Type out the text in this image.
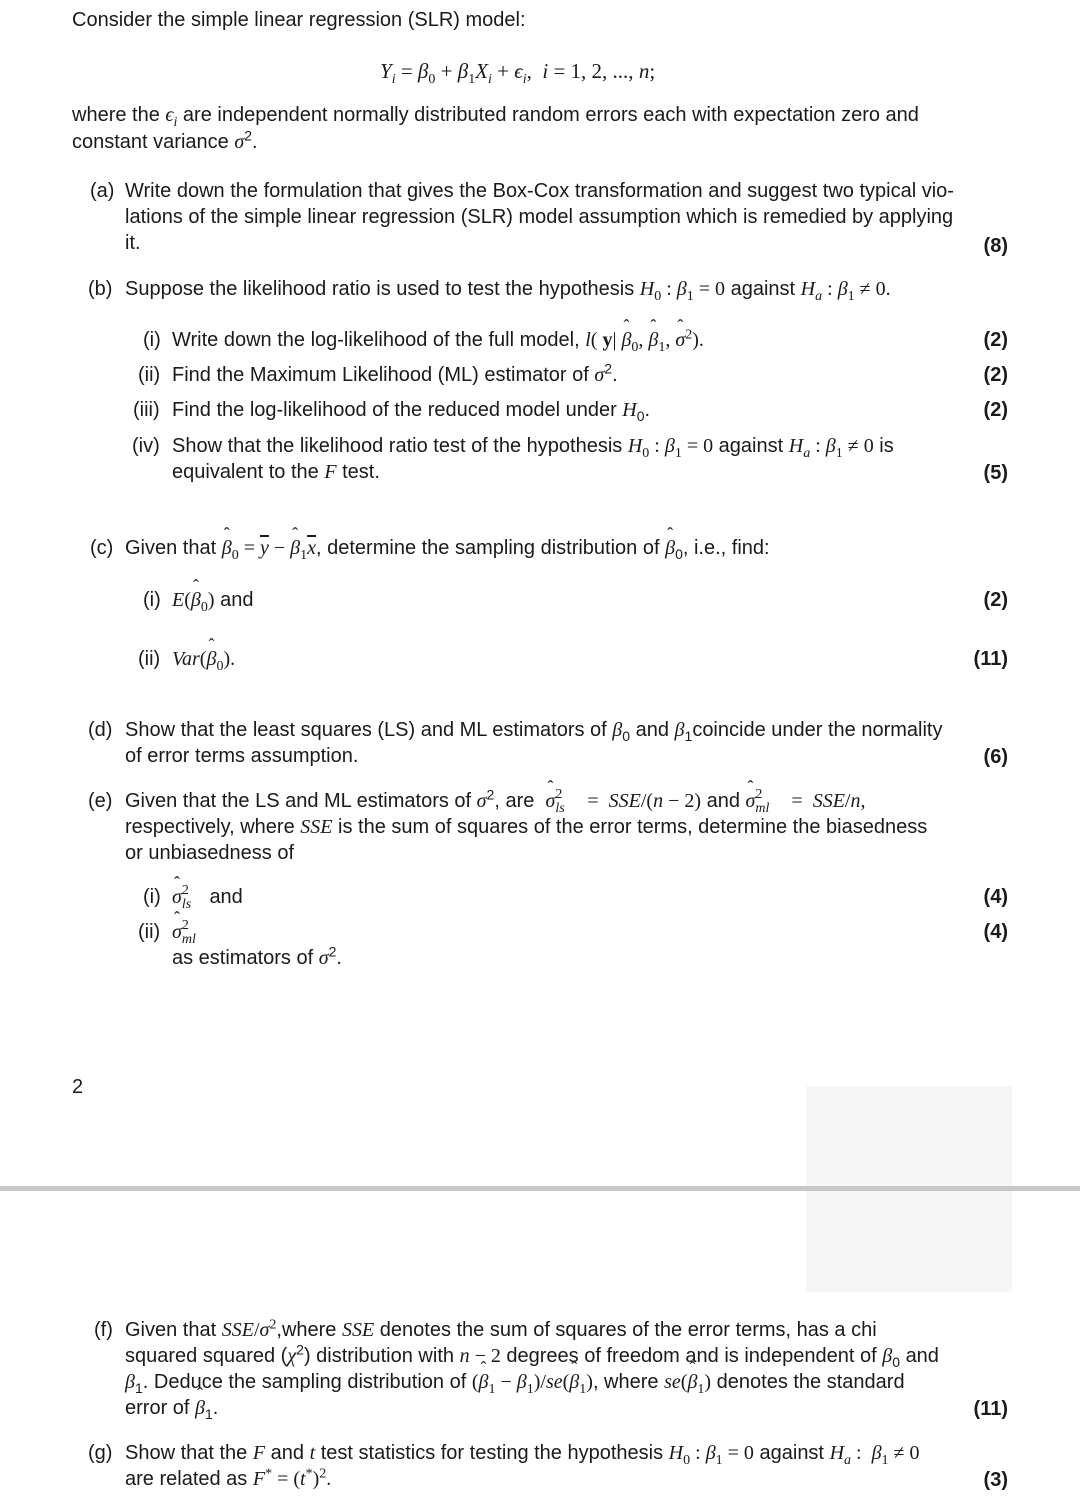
Consider the simple linear regression (SLR) model:
$Y_i = \beta_0 + \beta_1X_i + \epsilon_i$,  i = 1, 2, ..., n;
where the $\epsilon_i$ are independent normally distributed random errors each with expectation zero and
constant variance $\sigma^2$.
(a) Write down the formulation that gives the Box-Cox transformation and suggest two typical vio-
lations of the simple linear regression (SLR) model assumption which is remedied by applying
it.	(8)
(b) Suppose the likelihood ratio is used to test the hypothesis $H_0$ : $\beta_1 = 0$ against $H_a$ : $\beta_1 \ne 0$.
(i) Write down the log-likelihood of the full model, l( y| ˆ $\beta_0$, ˆ $\beta_1$, ˆ $\sigma^2$).	(2)
(ii) Find the Maximum Likelihood (ML) estimator of $\sigma^2$.	(2)
(iii) Find the log-likelihood of the reduced model under $H_0$.	(2)
(iv) Show that the likelihood ratio test of the hypothesis $H_0$ : $\beta_1 = 0$ against $H_a$ : $\beta_1 \ne 0$ is
equivalent to the F test.	(5)
(c) Given that ˆ $\beta_0 = \overline{y}$ − ˆ $\beta_1\overline{x}$, determine the sampling distribution of ˆ $\beta_0$, i.e., find:
(i) E(ˆ $\beta_0$) and	(2)
(ii) Var(ˆ $\beta_0$).	(11)
(d) Show that the least squares (LS) and ML estimators of $\beta_0$ and $\beta_1coincide$ under the normality
of error terms assumption.	(6)
(e) Given that the LS and ML estimators of $\sigma^2$, are ˆ σ 2
ls =  SSE/(n − 2) and ˆ σ 2
ml =  SSE/n,
respectively, where SSE is the sum of squares of the error terms, determine the biasedness
or unbiasedness of
(i) ˆ σ 2
ls and	(4)
(ii) ˆ σ 2
ml	(4)
as estimators of $\sigma^2$.
2
(f) Given that SSE/$\sigma^2,where$ SSE denotes the sum of squares of the error terms, has a chi
squared squared $(\chi^2)$ distribution with n − 2 degrees of freedom and is independent of $\beta_0$ and
$\beta_1$. Deduce the sampling distribution of (ˆ $\beta_1$ − $\beta_1)/se(ˆ$ $\beta_1$), where se(ˆ $\beta_1$) denotes the standard
error of ˆ $\beta_1$.	(11)
(g) Show that the F and t test statistics for testing the hypothesis $H_0$ : $\beta_1 = 0$ against $H_a$ :  $\beta_1 \ne 0$
are related as $F^* = (t^*)^2$.	(3)
